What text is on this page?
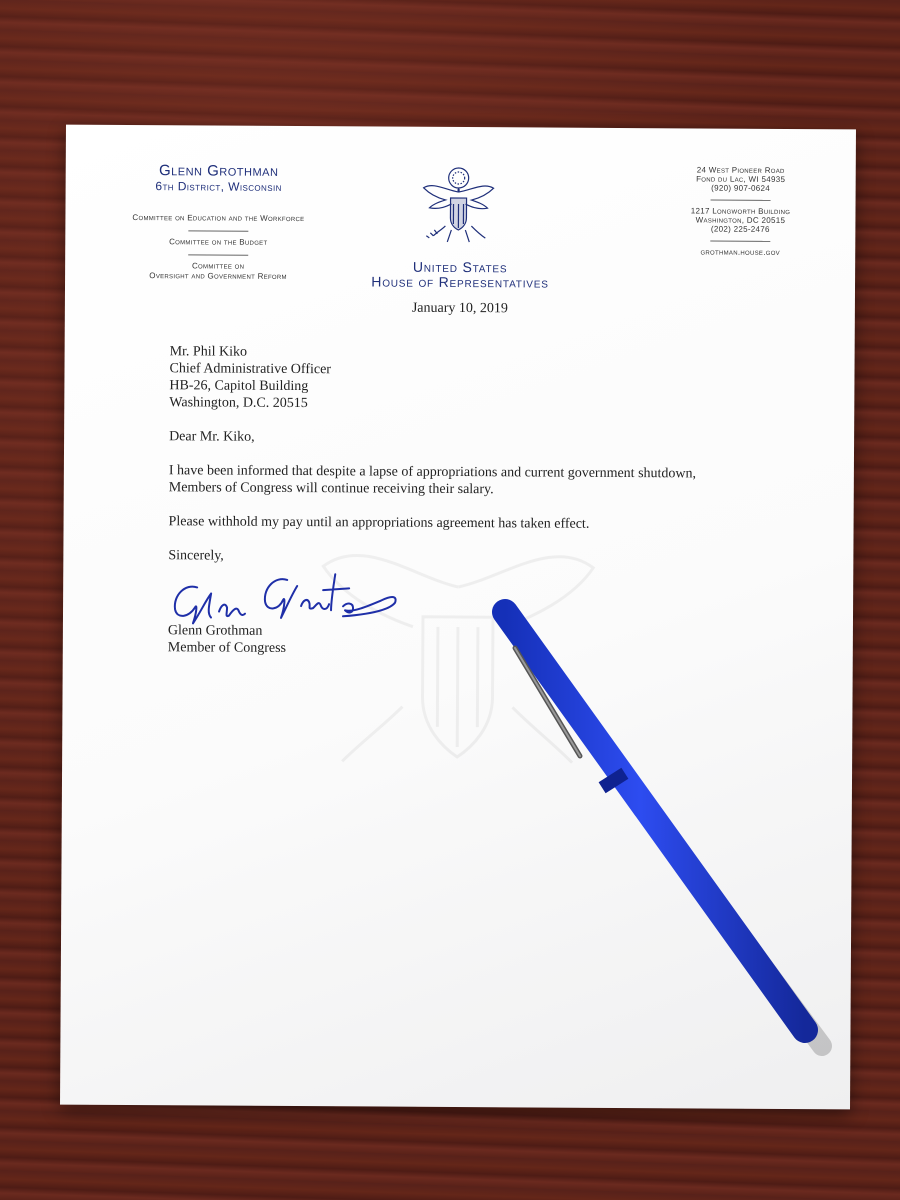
Glenn Grothman
6th District, Wisconsin
Committee on Education and the Workforce
Committee on the Budget
Committee on
Oversight and Government Reform
24 West Pioneer Road
Fond du Lac, WI 54935
(920) 907-0624
1217 Longworth Building
Washington, DC 20515
(202) 225-2476
grothman.house.gov
United States
House of Representatives
January 10, 2019

Mr. Phil Kiko

Chief Administrative Officer

HB-26, Capitol Building

Washington, D.C. 20515

Dear Mr. Kiko,

I have been informed that despite a lapse of appropriations and current government shutdown,

Members of Congress will continue receiving their salary.

Please withhold my pay until an appropriations agreement has taken effect.

Sincerely,

Glenn Grothman

Member of Congress
